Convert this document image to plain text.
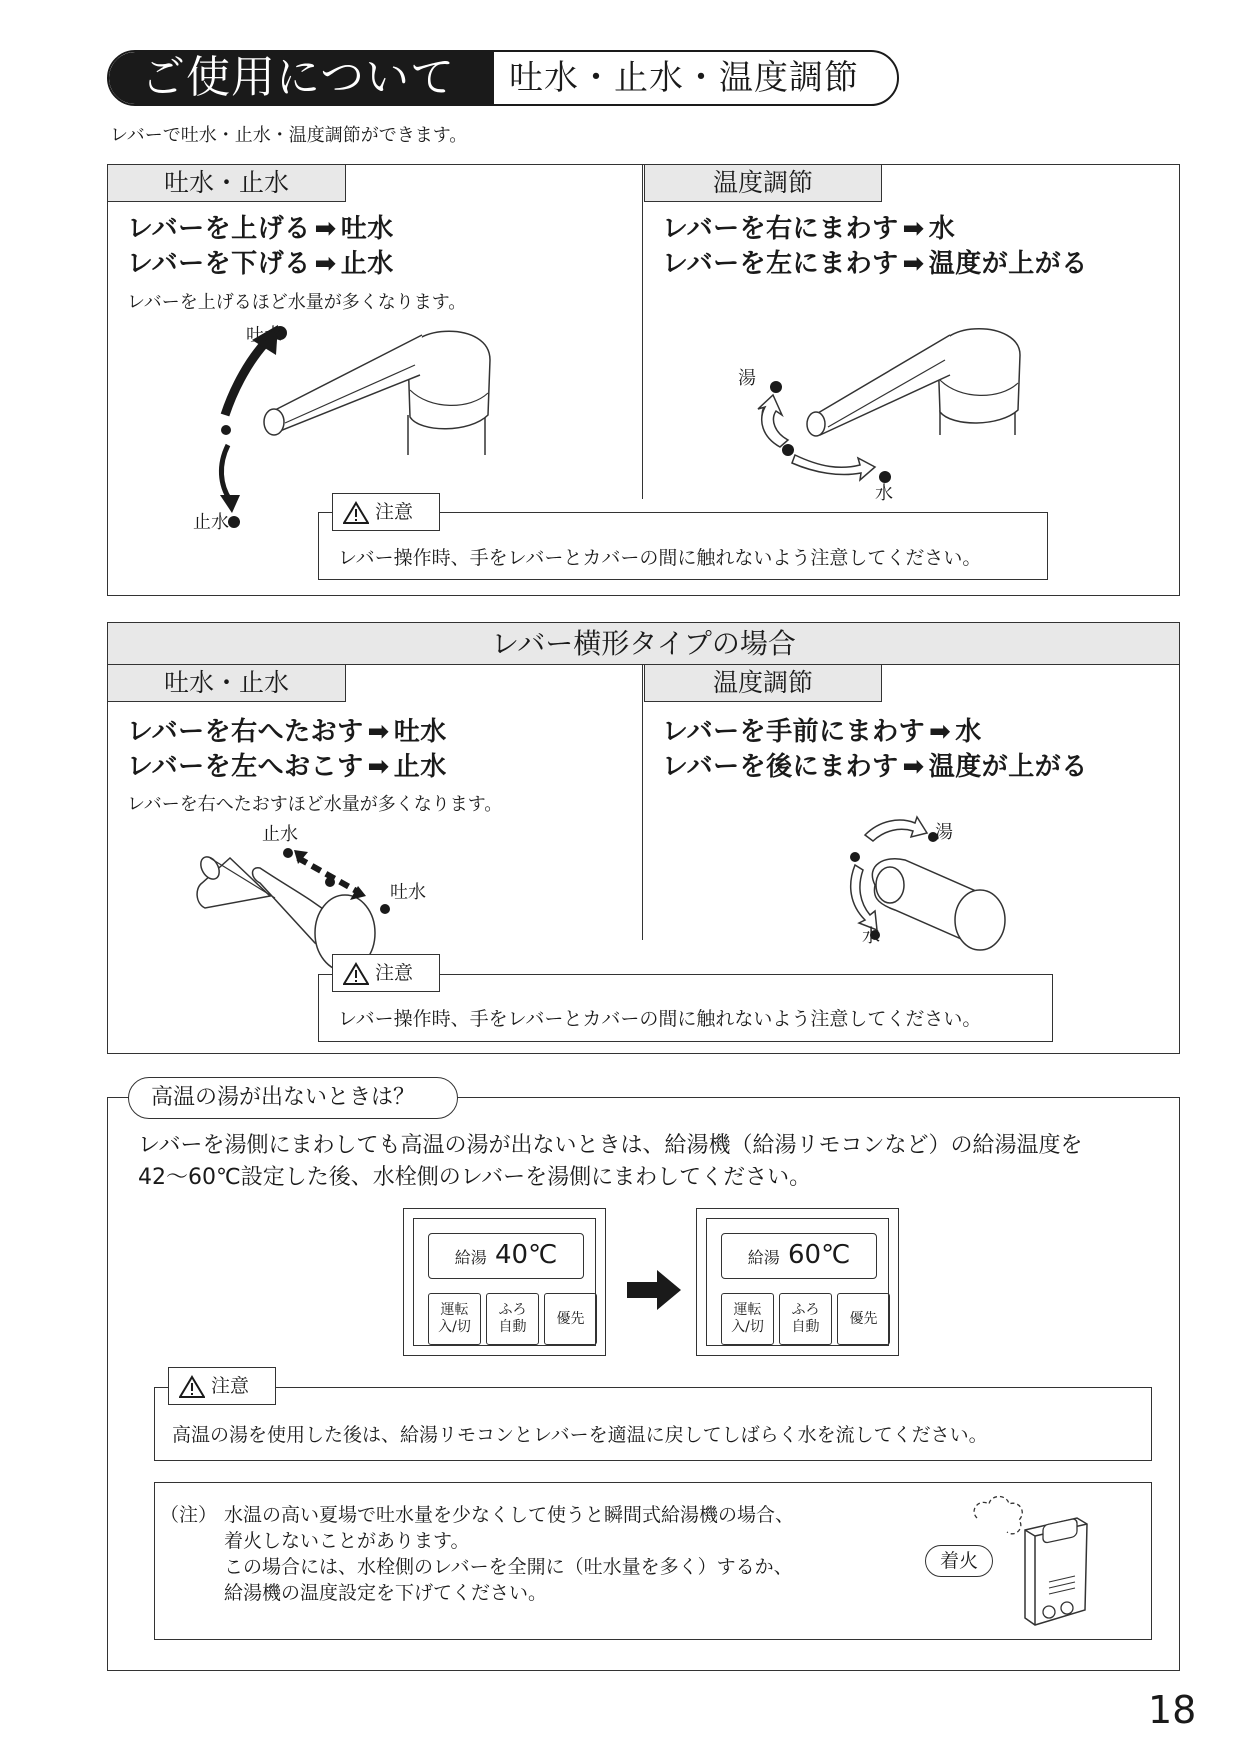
ご使用について	吐水・止水・温度調節
レバーで吐水・止水・温度調節ができます。
吐水・止水	温度調節
レバーを上げる ➡ 吐水
レバーを下げる ➡ 止水
レバーを上げるほど水量が多くなります。
レバーを右にまわす ➡ 水
レバーを左にまわす ➡ 温度が上がる
吐水
止水
湯
水
注意
レバー操作時、手をレバーとカバーの間に触れないよう注意してください。
レバー横形タイプの場合
吐水・止水	温度調節
レバーを右へたおす ➡ 吐水
レバーを左へおこす ➡ 止水
レバーを右へたおすほど水量が多くなります。
レバーを手前にまわす ➡ 水
レバーを後にまわす ➡ 温度が上がる
止水
吐水
湯
水
注意
レバー操作時、手をレバーとカバーの間に触れないよう注意してください。
高温の湯が出ないときは？
レバーを湯側にまわしても高温の湯が出ないときは、給湯機（給湯リモコンなど）の給湯温度を
42〜60℃設定した後、水栓側のレバーを湯側にまわしてください。
給湯 40℃
運転
入/切
ふろ
自動
優先
給湯 60℃
運転
入/切
ふろ
自動
優先
注意
高温の湯を使用した後は、給湯リモコンとレバーを適温に戻してしばらく水を流してください。
（注） 水温の高い夏場で吐水量を少なくして使うと瞬間式給湯機の場合、
着火しないことがあります。
この場合には、水栓側のレバーを全開に（吐水量を多く）するか、
給湯機の温度設定を下げてください。
着火
18
